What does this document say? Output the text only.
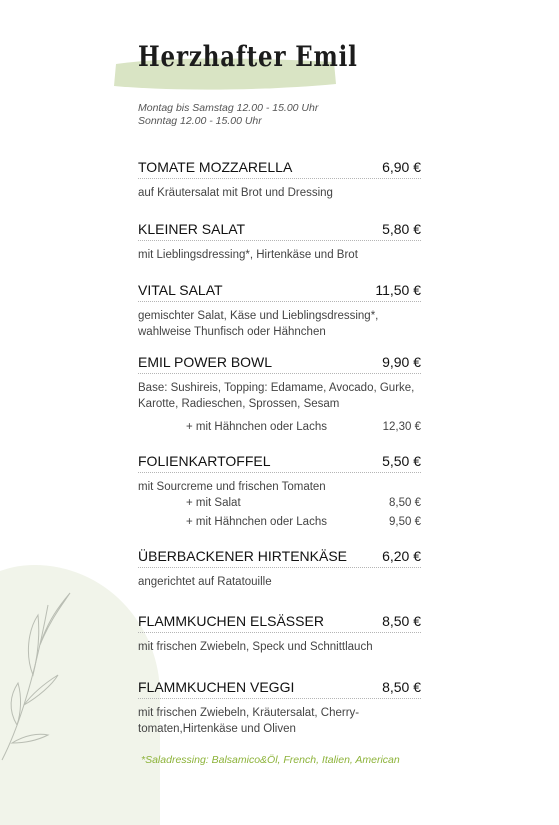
Herzhafter Emil
Montag bis Samstag 12.00 - 15.00 Uhr
Sonntag 12.00 - 15.00 Uhr
TOMATE MOZZARELLA	6,90 €
auf Kräutersalat mit Brot und Dressing
KLEINER SALAT	5,80 €
mit Lieblingsdressing*, Hirtenkäse und Brot
VITAL SALAT	11,50 €
gemischter Salat, Käse und Lieblingsdressing*, wahlweise Thunfisch oder Hähnchen
EMIL POWER BOWL	9,90 €
Base: Sushireis, Topping: Edamame, Avocado, Gurke, Karotte, Radieschen, Sprossen, Sesam
+ mit Hähnchen oder Lachs	12,30 €
FOLIENKARTOFFEL	5,50 €
mit Sourcreme und frischen Tomaten
+ mit Salat	8,50 €
+ mit Hähnchen oder Lachs	9,50 €
ÜBERBACKENER HIRTENKÄSE	6,20 €
angerichtet auf Ratatouille
FLAMMKUCHEN ELSÄSSER	8,50 €
mit frischen Zwiebeln, Speck und Schnittlauch
FLAMMKUCHEN VEGGI	8,50 €
mit frischen Zwiebeln, Kräutersalat, Cherry-tomaten,Hirtenkäse und Oliven
*Saladressing: Balsamico&Öl, French, Italien, American
